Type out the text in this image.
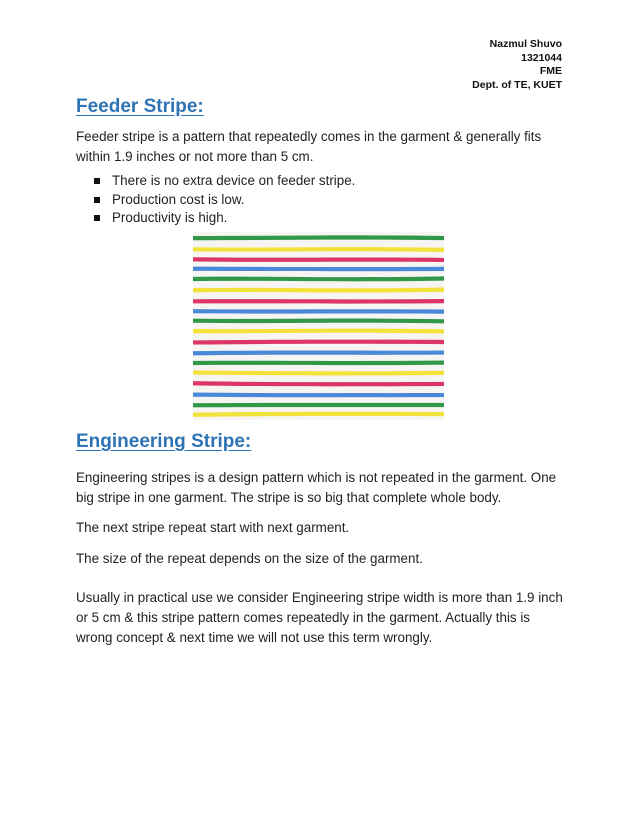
Nazmul Shuvo
1321044
FME
Dept. of TE, KUET
Feeder Stripe:

Feeder stripe is a pattern that repeatedly comes in the garment & generally fits within 1.9 inches or not more than 5 cm.

There is no extra device on feeder stripe.
Production cost is low.
Productivity is high.
Engineering Stripe:

Engineering stripes is a design pattern which is not repeated in the garment. One big stripe in one garment. The stripe is so big that complete whole body.

The next stripe repeat start with next garment.

The size of the repeat depends on the size of the garment.

Usually in practical use we consider Engineering stripe width is more than 1.9 inch or 5 cm & this stripe pattern comes repeatedly in the garment. Actually this is wrong concept & next time we will not use this term wrongly.
